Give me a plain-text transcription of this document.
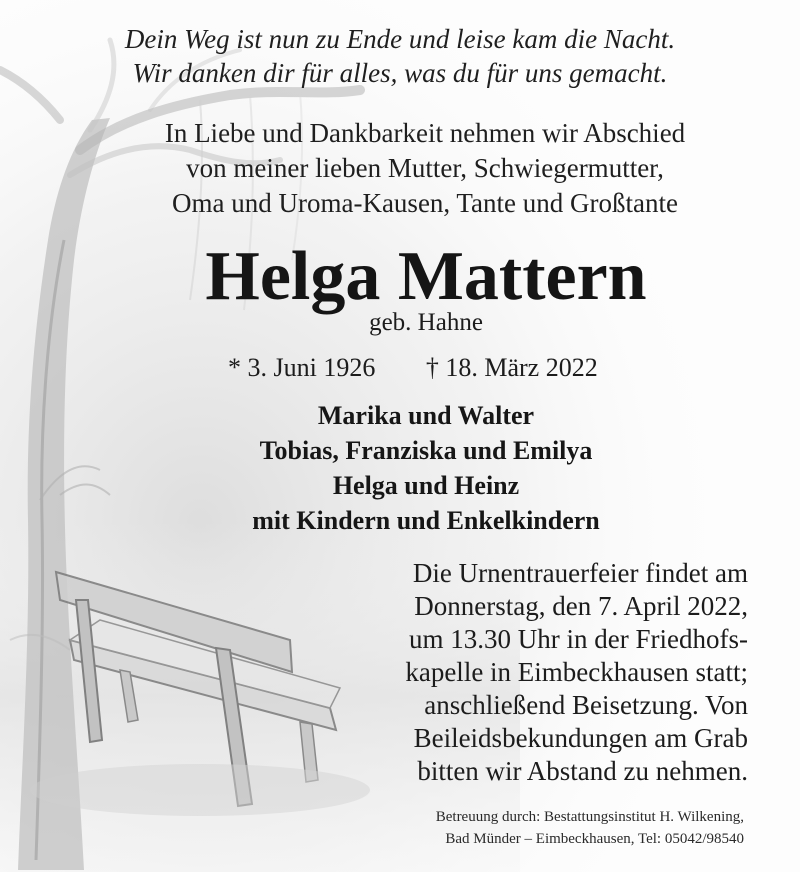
Dein Weg ist nun zu Ende und leise kam die Nacht.
Wir danken dir für alles, was du für uns gemacht.
In Liebe und Dankbarkeit nehmen wir Abschied
von meiner lieben Mutter, Schwiegermutter,
Oma und Uroma-Kausen, Tante und Großtante
Helga Mattern
geb. Hahne
* 3. Juni 1926 † 18. März 2022
Marika und Walter
Tobias, Franziska und Emilya
Helga und Heinz
mit Kindern und Enkelkindern
Die Urnentrauerfeier findet am
Donnerstag, den 7. April 2022,
um 13.30 Uhr in der Friedhofs-
kapelle in Eimbeckhausen statt;
anschließend Beisetzung. Von
Beileidsbekundungen am Grab
bitten wir Abstand zu nehmen.
Betreuung durch: Bestattungsinstitut H. Wilkening,
Bad Münder – Eimbeckhausen, Tel: 05042/98540
